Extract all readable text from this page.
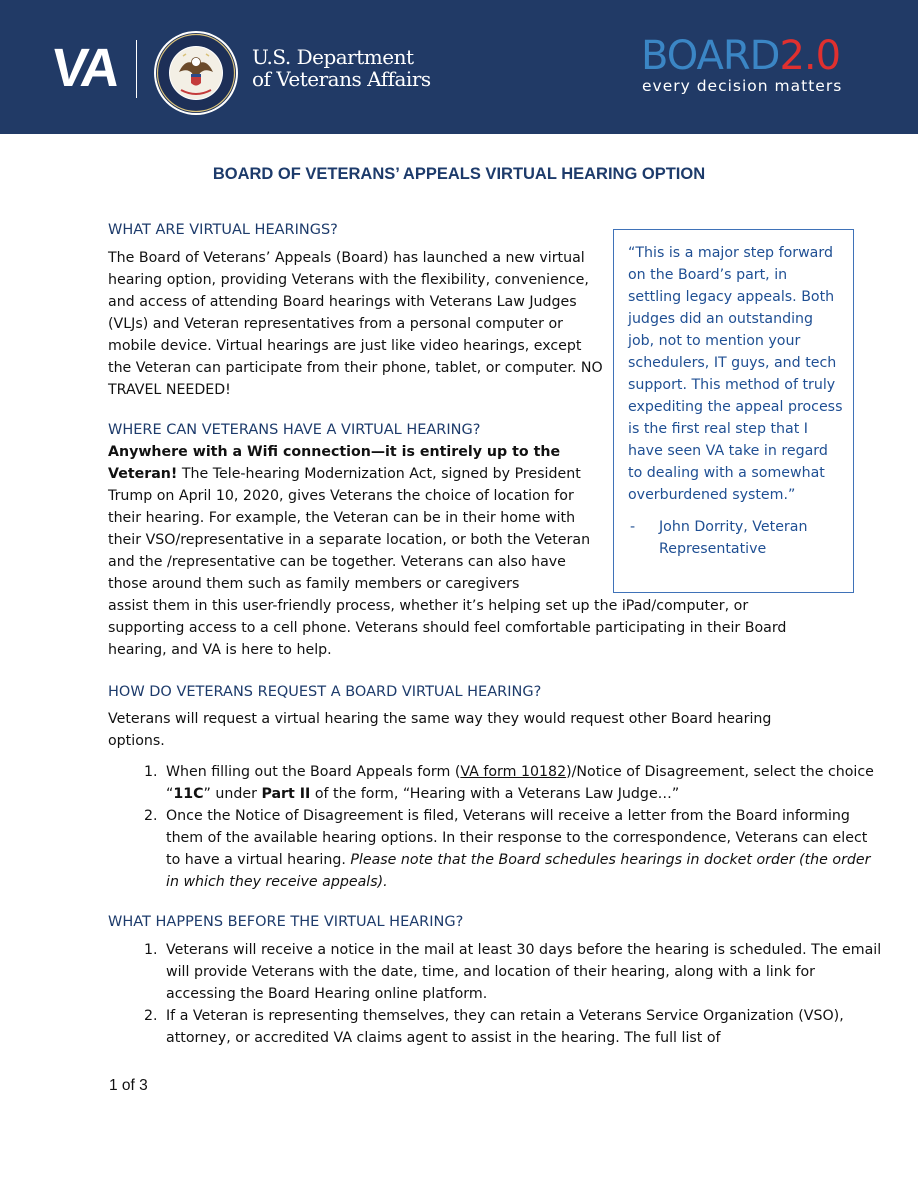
VA	U.S. Department
of Veterans Affairs	BOARD2.0
every decision matters
BOARD OF VETERANS’ APPEALS VIRTUAL HEARING OPTION
WHAT ARE VIRTUAL HEARINGS?

The Board of Veterans’ Appeals (Board) has launched a new virtual hearing option, providing Veterans with the flexibility, convenience, and access of attending Board hearings with Veterans Law Judges (VLJs) and Veteran representatives from a personal computer or mobile device. Virtual hearings are just like video hearings, except the Veteran can participate from their phone, tablet, or computer. NO TRAVEL NEEDED!

“This is a major step forward on the Board’s part, in settling legacy appeals. Both judges did an outstanding job, not to mention your schedulers, IT guys, and tech support. This method of truly expediting the appeal process is the first real step that I have seen VA take in regard to dealing with a somewhat overburdened system.”
- John Dorrity, Veteran Representative
WHERE CAN VETERANS HAVE A VIRTUAL HEARING?

Anywhere with a Wifi connection—it is entirely up to the Veteran! The Tele-hearing Modernization Act, signed by President Trump on April 10, 2020, gives Veterans the choice of location for their hearing. For example, the Veteran can be in their home with their VSO/representative in a separate location, or both the Veteran and the /representative can be together. Veterans can also have those around them such as family members or caregivers

assist them in this user-friendly process, whether it’s helping set up the iPad/computer, or supporting access to a cell phone. Veterans should feel comfortable participating in their Board hearing, and VA is here to help.

HOW DO VETERANS REQUEST A BOARD VIRTUAL HEARING?

Veterans will request a virtual hearing the same way they would request other Board hearing options.

1. When filling out the Board Appeals form (VA form 10182)/Notice of Disagreement, select the choice “11C” under Part II of the form, “Hearing with a Veterans Law Judge…”
2. Once the Notice of Disagreement is filed, Veterans will receive a letter from the Board informing them of the available hearing options. In their response to the correspondence, Veterans can elect to have a virtual hearing. Please note that the Board schedules hearings in docket order (the order in which they receive appeals).
WHAT HAPPENS BEFORE THE VIRTUAL HEARING?
1. Veterans will receive a notice in the mail at least 30 days before the hearing is scheduled. The email will provide Veterans with the date, time, and location of their hearing, along with a link for accessing the Board Hearing online platform.
2. If a Veteran is representing themselves, they can retain a Veterans Service Organization (VSO), attorney, or accredited VA claims agent to assist in the hearing. The full list of
1 of 3
